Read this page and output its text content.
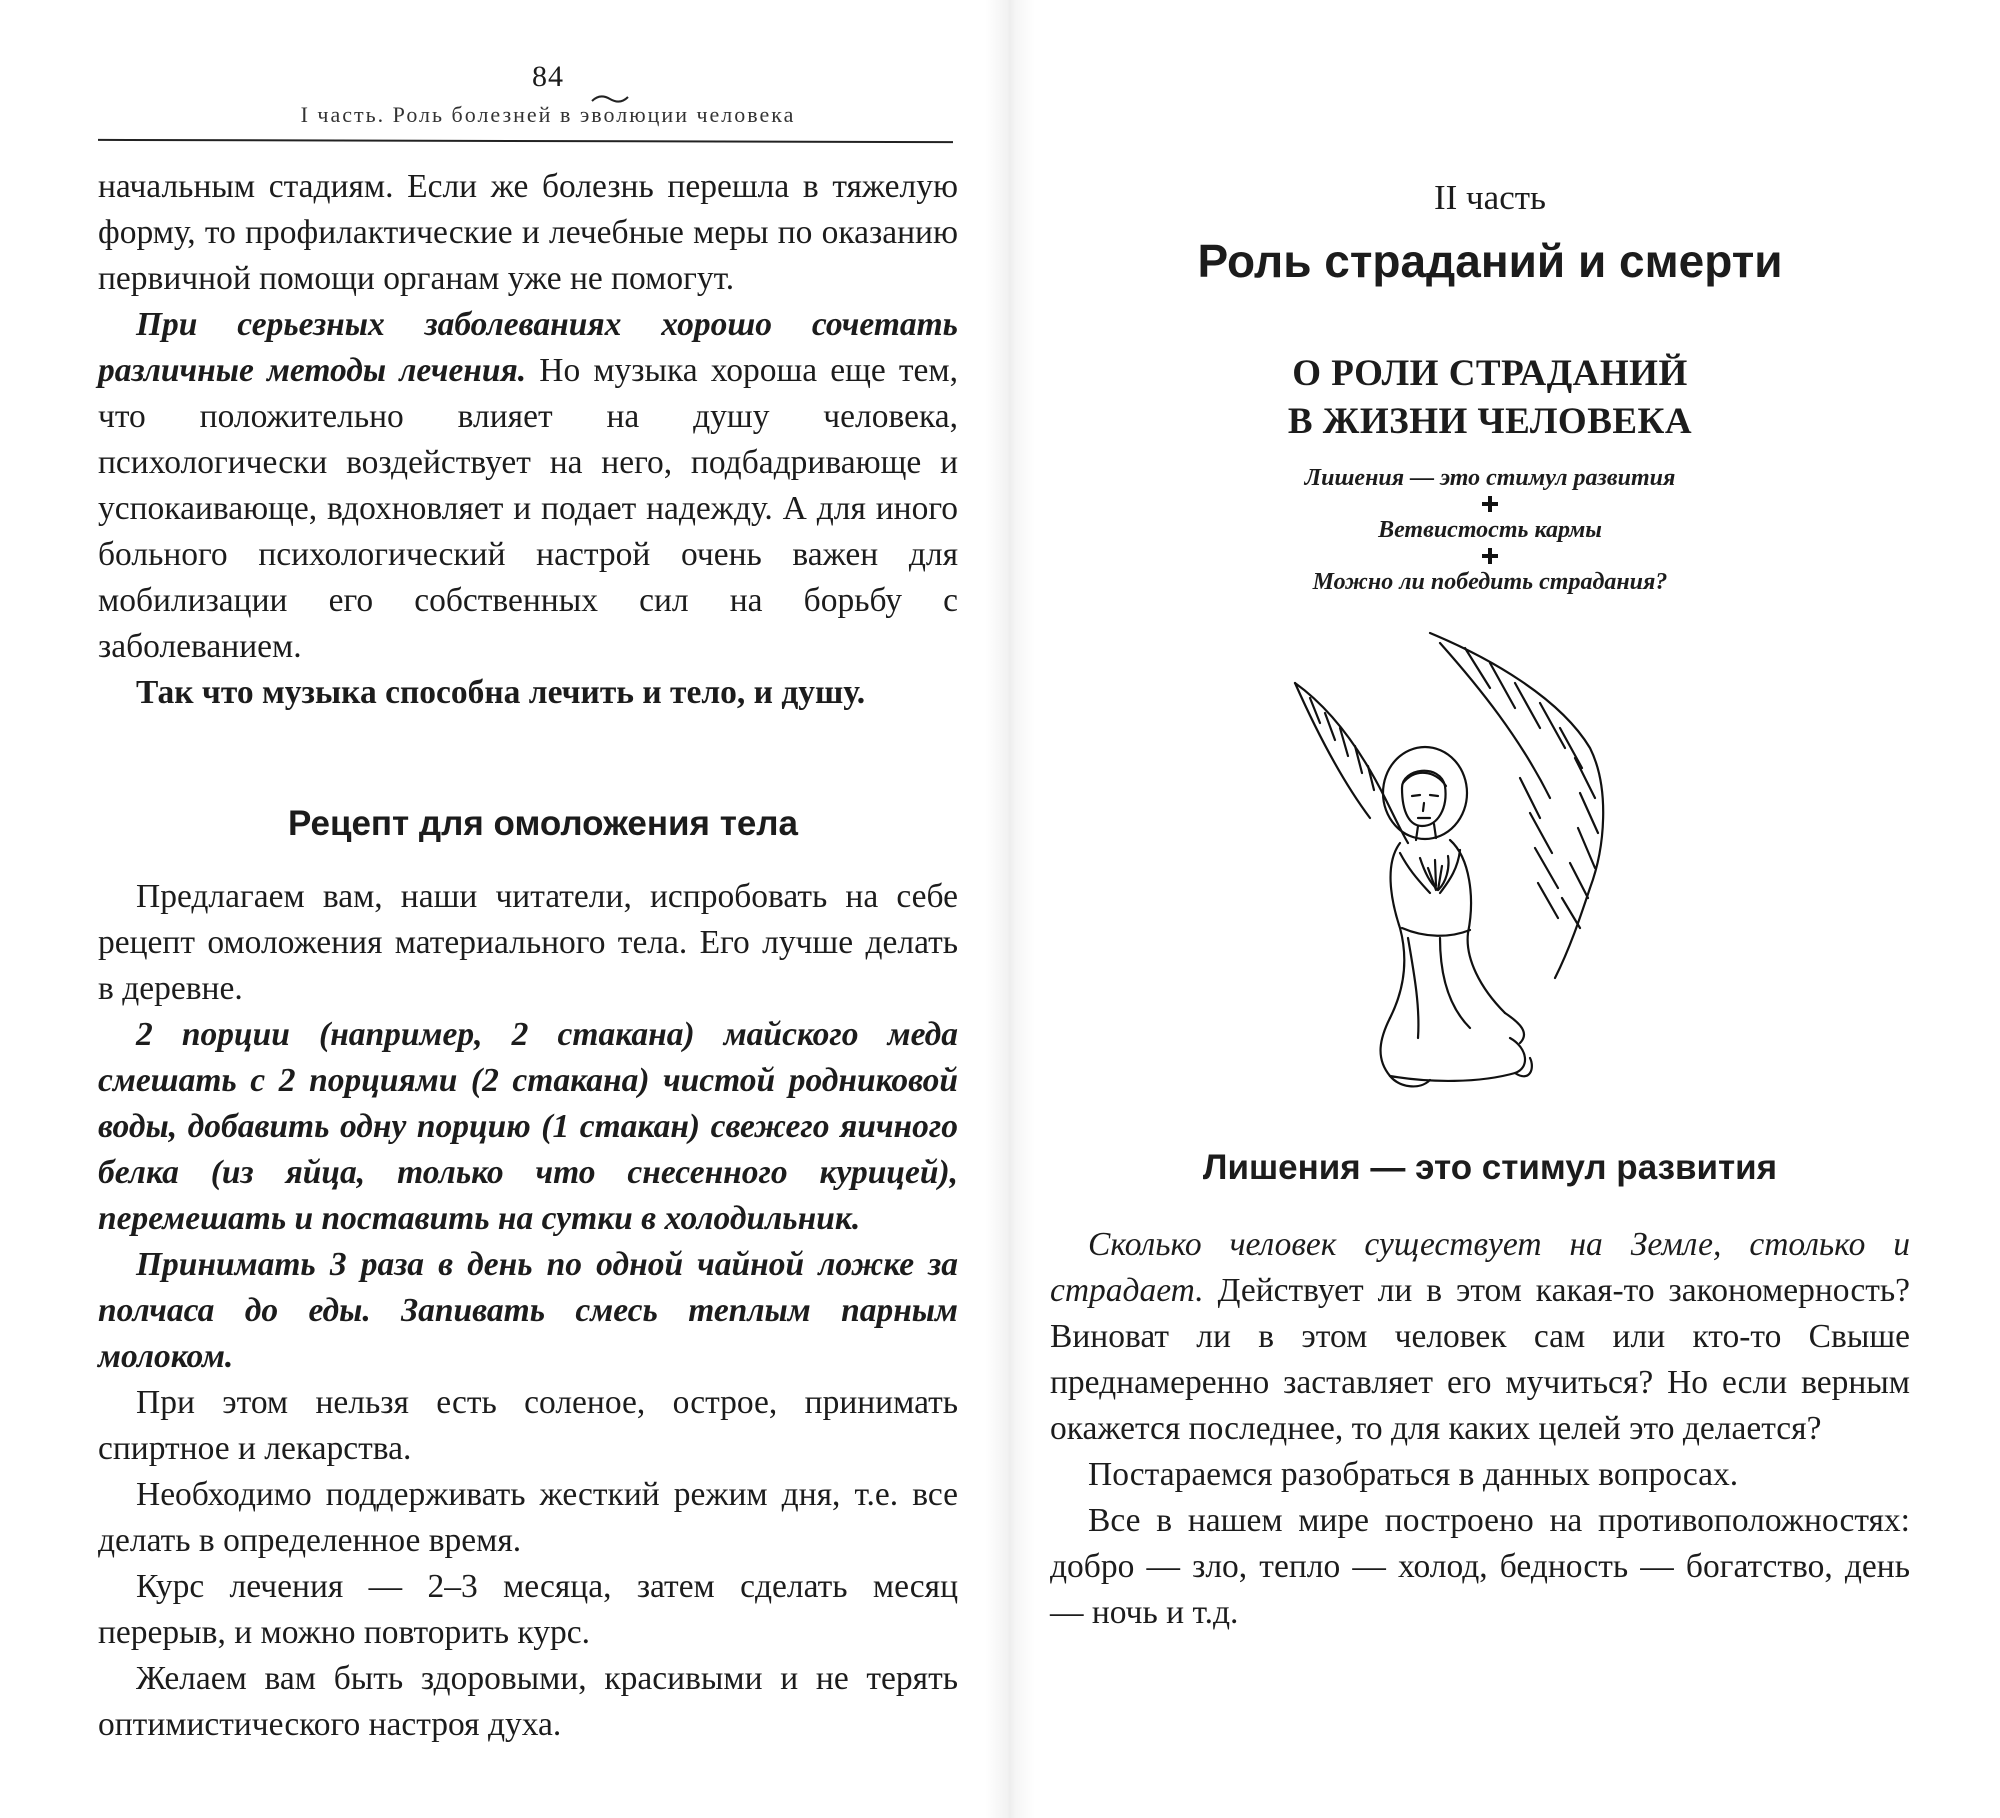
84
I часть. Роль болезней в эволюции человека

начальным стадиям. Если же болезнь перешла в тяжелую форму, то профилактические и лечебные меры по оказанию первичной помощи органам уже не помогут.

При серьезных заболеваниях хорошо сочетать различные методы лечения. Но музыка хороша еще тем, что положительно влияет на душу человека, психологически воздействует на него, подбадривающе и успокаивающе, вдохновляет и подает надежду. А для иного больного психологический настрой очень важен для мобилизации его собственных сил на борьбу с заболеванием.

Так что музыка способна лечить и тело, и душу.

Рецепт для омоложения тела

Предлагаем вам, наши читатели, испробовать на себе рецепт омоложения материального тела. Его лучше делать в деревне.

2 порции (например, 2 стакана) майского меда смешать с 2 порциями (2 стакана) чистой родниковой воды, добавить одну порцию (1 стакан) свежего яичного белка (из яйца, только что снесенного курицей), перемешать и поставить на сутки в холодильник.

Принимать 3 раза в день по одной чайной ложке за полчаса до еды. Запивать смесь теплым парным молоком.

При этом нельзя есть соленое, острое, принимать спиртное и лекарства.

Необходимо поддерживать жесткий режим дня, т.е. все делать в определенное время.

Курс лечения — 2–3 месяца, затем сделать месяц перерыв, и можно повторить курс.

Желаем вам быть здоровыми, красивыми и не терять оптимистического настроя духа.

II часть
Роль страданий и смерти
О РОЛИ СТРАДАНИЙ
В ЖИЗНИ ЧЕЛОВЕКА
Лишения — это стимул развития
Ветвистость кармы
Можно ли победить страдания?
Лишения — это стимул развития

Сколько человек существует на Земле, столько и страдает. Действует ли в этом какая-то закономерность? Виноват ли в этом человек сам или кто-то Свыше преднамеренно заставляет его мучиться? Но если верным окажется последнее, то для каких целей это делается?

Постараемся разобраться в данных вопросах.

Все в нашем мире построено на противоположностях: добро — зло, тепло — холод, бедность — богатство, день — ночь и т.д.
